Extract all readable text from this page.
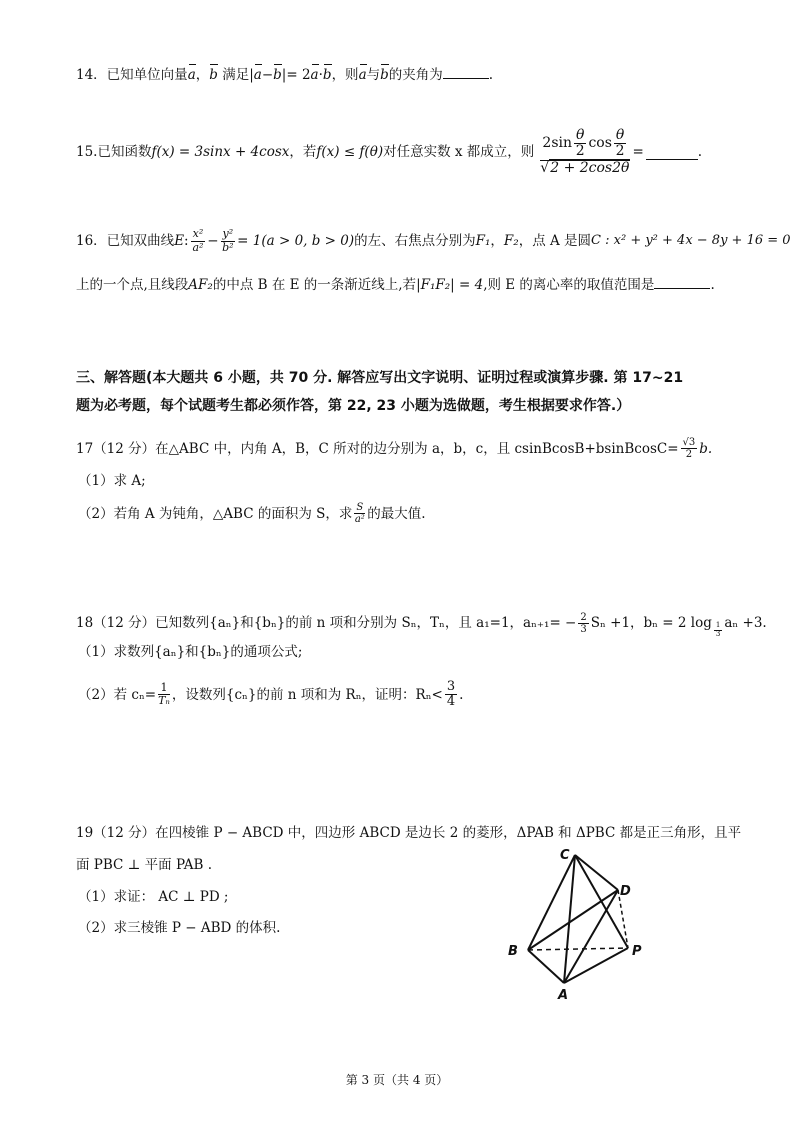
14．已知单位向量a，b 满足|a−b|= 2a·b，则a与b的夹角为	.
15.已知函数 f(x) = 3sinx + 4cosx ，若 f(x) ≤ f(θ) 对任意实数 x 都成立，则 $\frac{2\sin \frac{\theta}{2} \cos \frac{\theta}{2}}{√2 + 2\cos 2\theta}$ =	.
16．已知双曲线 E : $\frac{\text{x²}}{\text{a²}} - \frac{\text{y²}}{\text{b²}} = 1(a > 0$, b > 0) 的左、右焦点分别为 F₁ ， F₂ ，点 A 是圆 C : x² + y² + 4x − 8y + 16 = 0
上的一个点,且线段AF₂的中点 B 在 E 的一条渐近线上,若|F₁F₂| = 4,则 E 的离心率的取值范围是	.
三、解答题(本大题共 6 小题，共 70 分. 解答应写出文字说明、证明过程或演算步骤. 第 17~21
题为必考题，每个试题考生都必须作答，第 22, 23 小题为选做题，考生根据要求作答.）
17（12 分）在△ABC 中，内角 A，B，C 所对的边分别为 a，b，c，且 csinBcosB+bsinBcosC= $\frac{√3}{2} b$.
（1）求 A;
（2）若角 A 为钝角，△ABC 的面积为 S，求 $\frac{S}{\text{a²}}$ 的最大值.
18（12 分）已知数列{aₙ}和{bₙ}的前 n 项和分别为 Sₙ，Tₙ，且 a₁=1，$a_{n+1}= - \frac{2}{3}$ Sₙ +1，bₙ = 2 $\log \frac{1}{3}$ aₙ +3.
（1）求数列{aₙ}和{bₙ}的通项公式;
（2）若 $c_n= \frac{1}{\text{Tₙ}}$ ，设数列{cₙ}的前 n 项和为 Rₙ，证明：$R_n< \frac{3}{4}$ .
19（12 分）在四棱锥 P − ABCD 中，四边形 ABCD 是边长 2 的菱形，ΔPAB 和 ΔPBC 都是正三角形，且平
面 PBC ⊥ 平面 PAB .
（1）求证： AC ⊥ PD ;
（2）求三棱锥 P − ABD 的体积.
C
D
B	P
A
第 3 页（共 4 页）
